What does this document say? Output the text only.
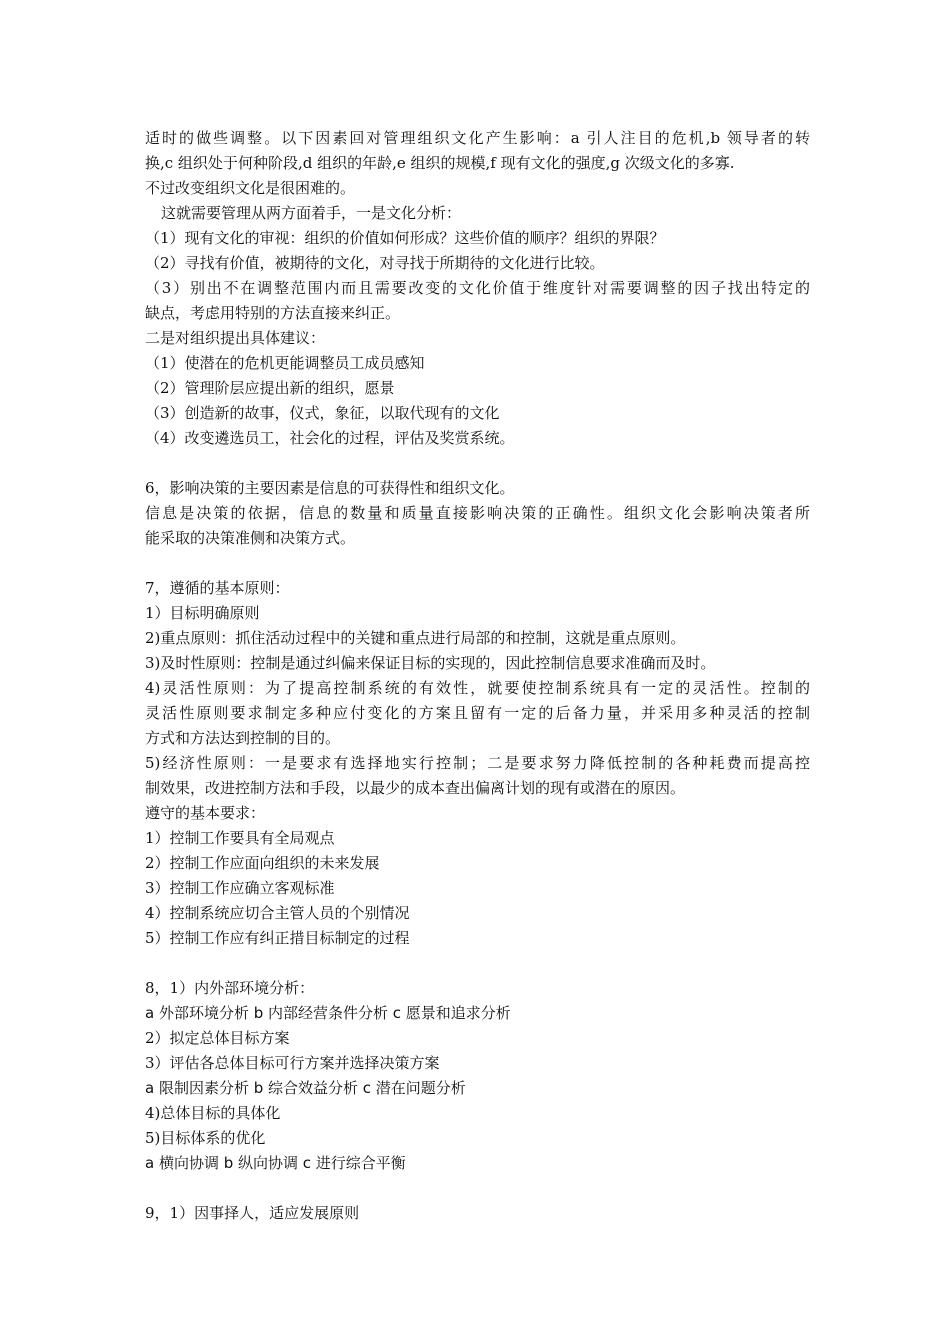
适时的做些调整。以下因素回对管理组织文化产生影响：a 引人注目的危机,b 领导者的转
换,c 组织处于何种阶段,d 组织的年龄,e 组织的规模,f 现有文化的强度,g 次级文化的多寡.
不过改变组织文化是很困难的。
这就需要管理从两方面着手，一是文化分析：
（1）现有文化的审视：组织的价值如何形成？这些价值的顺序？组织的界限？
（2）寻找有价值，被期待的文化，对寻找于所期待的文化进行比较。
（3）别出不在调整范围内而且需要改变的文化价值于维度针对需要调整的因子找出特定的
缺点，考虑用特别的方法直接来纠正。
二是对组织提出具体建议：
（1）使潜在的危机更能调整员工成员感知
（2）管理阶层应提出新的组织，愿景
（3）创造新的故事，仪式，象征，以取代现有的文化
（4）改变遴选员工，社会化的过程，评估及奖赏系统。
6，影响决策的主要因素是信息的可获得性和组织文化。
信息是决策的依据，信息的数量和质量直接影响决策的正确性。组织文化会影响决策者所
能采取的决策准侧和决策方式。
7，遵循的基本原则：
1）目标明确原则
2)重点原则：抓住活动过程中的关键和重点进行局部的和控制，这就是重点原则。
3)及时性原则：控制是通过纠偏来保证目标的实现的，因此控制信息要求准确而及时。
4)灵活性原则：为了提高控制系统的有效性，就要使控制系统具有一定的灵活性。控制的
灵活性原则要求制定多种应付变化的方案且留有一定的后备力量，并采用多种灵活的控制
方式和方法达到控制的目的。
5)经济性原则：一是要求有选择地实行控制；二是要求努力降低控制的各种耗费而提高控
制效果，改进控制方法和手段，以最少的成本查出偏离计划的现有或潜在的原因。
遵守的基本要求：
1）控制工作要具有全局观点
2）控制工作应面向组织的未来发展
3）控制工作应确立客观标准
4）控制系统应切合主管人员的个别情况
5）控制工作应有纠正措目标制定的过程
8，1）内外部环境分析：
a 外部环境分析 b 内部经营条件分析 c 愿景和追求分析
2）拟定总体目标方案
3）评估各总体目标可行方案并选择决策方案
a 限制因素分析 b 综合效益分析 c 潜在问题分析
4)总体目标的具体化
5)目标体系的优化
a 横向协调 b 纵向协调 c 进行综合平衡
9，1）因事择人，适应发展原则
